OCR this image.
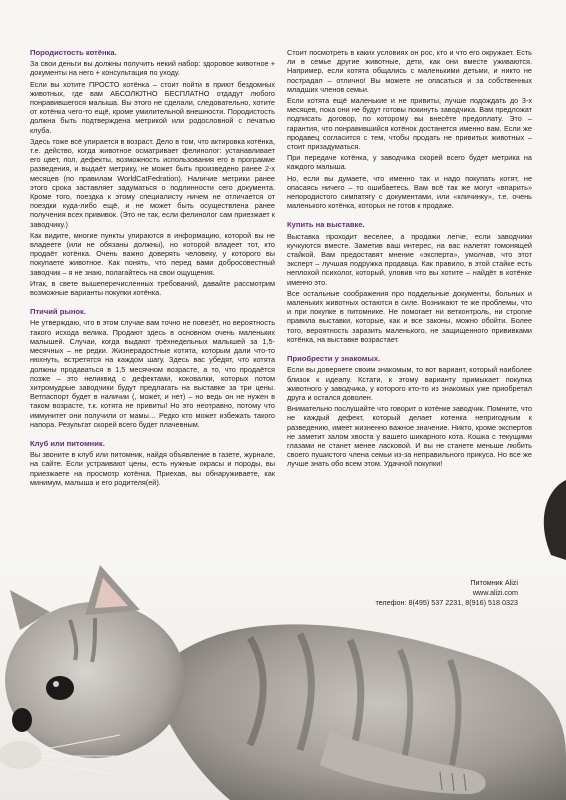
Породистость котёнка.

За свои деньги вы должны получить некий набор: здоровое животное + документы на него + консультация по уходу.

Если вы хотите ПРОСТО котёнка – стоит пойти в приют бездомных животных, где вам АБСОЛЮТНО БЕСПЛАТНО отдадут любого понравившегося малыша. Вы этого не сделали, следовательно, хотите от котёнка чего-то ещё, кроме умилительной внешности. Породистость должна быть подтверждена метрикой или родословной с печатью клуба.

Здесь тоже всё упирается в возраст. Дело в том, что актировка котёнка, т.е. действо, когда животное осматривает фелинолог: устанавливает его цвет, пол, дефекты, возможность использования его в программе разведения, и выдаёт метрику, не может быть произведено ранее 2-х месяцев (по правилам WorldCatFedration). Наличие метрики ранее этого срока заставляет задуматься о подлинности сего документа. Кроме того, поездка к этому специалисту ничем не отличается от поездки куда-либо ещё, и не может быть осуществлена ранее получения всех прививок. (Это не так, если фелинолог сам приезжает к заводчику.)

Как видите, многие пункты упираются в информацию, которой вы не владеете (или не обязаны должны), но которой владеет тот, кто продаёт котёнка. Очень важно доверять человеку, у которого вы покупаете животное. Как понять, что перед вами добросовестный заводчик – я не знаю, полагайтесь на свои ощущения.

Итак, в свете вышеперечисленных требований, давайте рассмотрим возможные варианты покупки котёнка.

Птичий рынок.

Не утверждаю, что в этом случае вам точно не повезёт, но вероятность такого исхода велика. Продают здесь в основном очень маленьких малышей. Случаи, когда выдают трёхнедельных малышей за 1,5-месячных – не редки. Жизнерадостные котята, которым дали что-то нюхнуть, встретятся на каждом шагу. Здесь вас убедят, что котята должны продаваться в 1,5 месячном возрасте, а то, что продаётся позже – это неликвид с дефектами, коковалки, которых потом хитромудрые заводчики будут предлагать на выставке за три цены. Ветпаспорт будет в наличии (, может, и нет) – но ведь он не нужен в таком возрасте, т.к. котята не привиты! Но это неотравно, потому что иммунитет они получили от мамы… Редко кто может избежать такого напора. Результат скорей всего будет плачевным.

Клуб или питомник.

Вы звоните в клуб или питомник, найдя объявление в газете, журнале, на сайте. Если устраивают цены, есть нужные окрасы и породы, вы приезжаете на просмотр котёнка. Приехав, вы обнаруживаете, как минимум, малыша и его родителя(ей).

Стоит посмотреть в каких условиях он рос, кто и что его окружает. Есть ли в семье другие животные, дети, как они вместе уживаются. Например, если котята общались с маленькими детьми, и никто не пострадал – отлично! Вы можете не опасаться и за собственных младших членов семьи.

Если котята ещё маленькие и не привиты, лучше подождать до 3-х месяцев, пока они не будут готовы покинуть заводчика. Вам предложат подписать договор, по которому вы внесёте предоплату. Это – гарантия, что понравившийся котёнок достанется именно вам. Если же продавец согласится с тем, чтобы продать не привитых животных – стоит призадуматься.

При передаче котёнка, у заводчика скорей всего будет метрика на каждого малыша.

Но, если вы думаете, что именно так и надо покупать котят, не опасаясь ничего – то ошибаетесь. Вам всё так же могут «впарить» непородистого симпатягу с документами, или «кличинку», т.е. очень маленького котёнка, которых не готов к продаже.

Купить на выставке.

Выставка проходит веселее, а продажи легче, если заводчики кучкуются вместе. Заметив ваш интерес, на вас налетят гомонящей стайкой. Вам предоставят мнение «эксперта», умолчав, что этот эксперт – лучшая подружка продавца. Как правило, в этой стайке есть неплохой психолог, который, уловив что вы хотите – найдёт в котёнке именно это.

Все остальные соображения про поддельные документы, больных и маленьких животных остаются в силе. Возникают те же проблемы, что и при покупке в питомнике. Не помогает ни ветконтроль, ни строгие правила выставки, которые, как и все законы, можно обойти. Более того, вероятность заразить маленького, не защищенного прививками котёнка, на выставке возрастает.

Приобрести у знакомых.

Если вы доверяете своим знакомым, то вот вариант, который наиболее близок к идеалу. Кстати, к этому варианту примыкает покупка животного у заводчика, у которого кто-то из знакомых уже приобретал друга и остался доволен.

Внимательно послушайте что говорит о котёнке заводчик. Помните, что не каждый дефект, который делает котенка непригодным к разведению, имеет жизненно важное значение. Никто, кроме экспертов не заметит залом хвоста у вашего шикарного кота. Кошка с текущими глазами не станет менее ласковой. И вы не станете меньше любить своего пушистого члена семьи из-за неправильного прикуса. Но все же лучше знать обо всем этом. Удачной покупки!

Питомник Alizi
www.alizi.com
телефон: 8(495) 537 2231, 8(916) 518 0323
